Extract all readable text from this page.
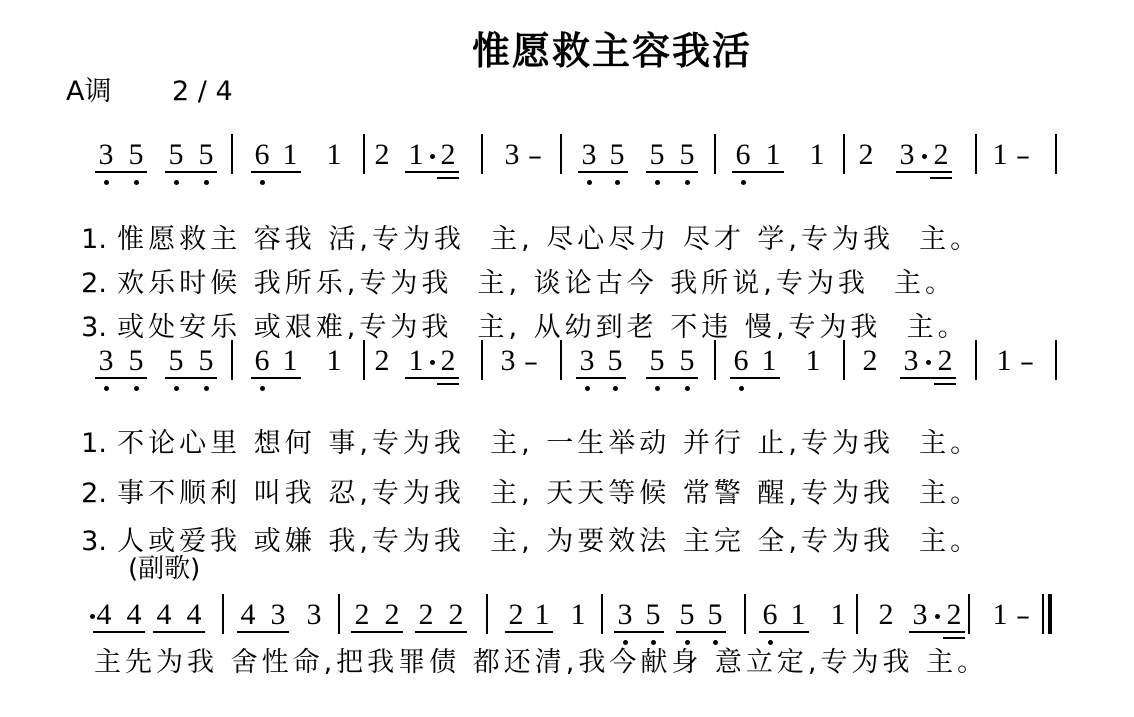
惟愿救主容我活
A调 2 / 4
3 5 5 5 6 1 1 2 1 2 3 – 3 5 5 5 6 1 1 2 3 2 1 –
3 5 5 5 6 1 1 2 1 2 3 – 3 5 5 5 6 1 1 2 3 2 1 –
4 4 4 4 4 3 3 2 2 2 2 2 1 1 3 5 5 5 6 1 1 2 3 2 1 –

1. 惟愿救主 容我 活,专为我  主, 尽心尽力 尽才 学,专为我  主。

2. 欢乐时候 我所乐,专为我  主, 谈论古今 我所说,专为我  主。

3. 或处安乐 或艰难,专为我  主, 从幼到老 不违 慢,专为我  主。

1. 不论心里 想何 事,专为我  主, 一生举动 并行 止,专为我  主。

2. 事不顺利 叫我 忍,专为我  主, 天天等候 常警 醒,专为我  主。

3. 人或爱我 或嫌 我,专为我  主, 为要效法 主完 全,专为我  主。

(副歌)
主先为我 舍性命,把我罪债 都还清,我今献身 意立定,专为我 主。
